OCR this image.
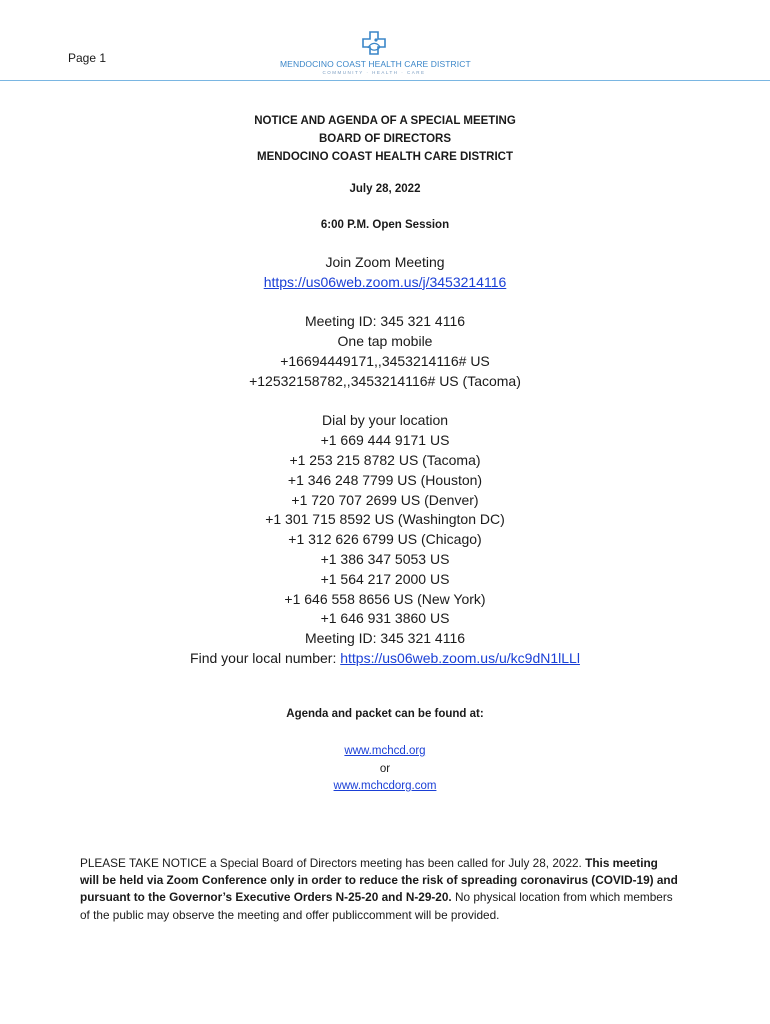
Page 1	MENDOCINO COAST HEALTH CARE DISTRICT
COMMUNITY · HEALTH · CARE
NOTICE AND AGENDA OF A SPECIAL MEETING
BOARD OF DIRECTORS
MENDOCINO COAST HEALTH CARE DISTRICT
July 28, 2022
6:00 P.M. Open Session
Join Zoom Meeting
https://us06web.zoom.us/j/3453214116
Meeting ID: 345 321 4116
One tap mobile
+16694449171,,3453214116# US
+12532158782,,3453214116# US (Tacoma)
Dial by your location
+1 669 444 9171 US
+1 253 215 8782 US (Tacoma)
+1 346 248 7799 US (Houston)
+1 720 707 2699 US (Denver)
+1 301 715 8592 US (Washington DC)
+1 312 626 6799 US (Chicago)
+1 386 347 5053 US
+1 564 217 2000 US
+1 646 558 8656 US (New York)
+1 646 931 3860 US
Meeting ID: 345 321 4116
Find your local number: https://us06web.zoom.us/u/kc9dN1lLLl
Agenda and packet can be found at:
www.mchcd.org
or
www.mchcdorg.com
PLEASE TAKE NOTICE a Special Board of Directors meeting has been called for July 28, 2022. This meeting will be held via Zoom Conference only in order to reduce the risk of spreading coronavirus (COVID-19) and pursuant to the Governor’s Executive Orders N-25-20 and N-29-20. No physical location from which members of the public may observe the meeting and offer publiccomment will be provided.
